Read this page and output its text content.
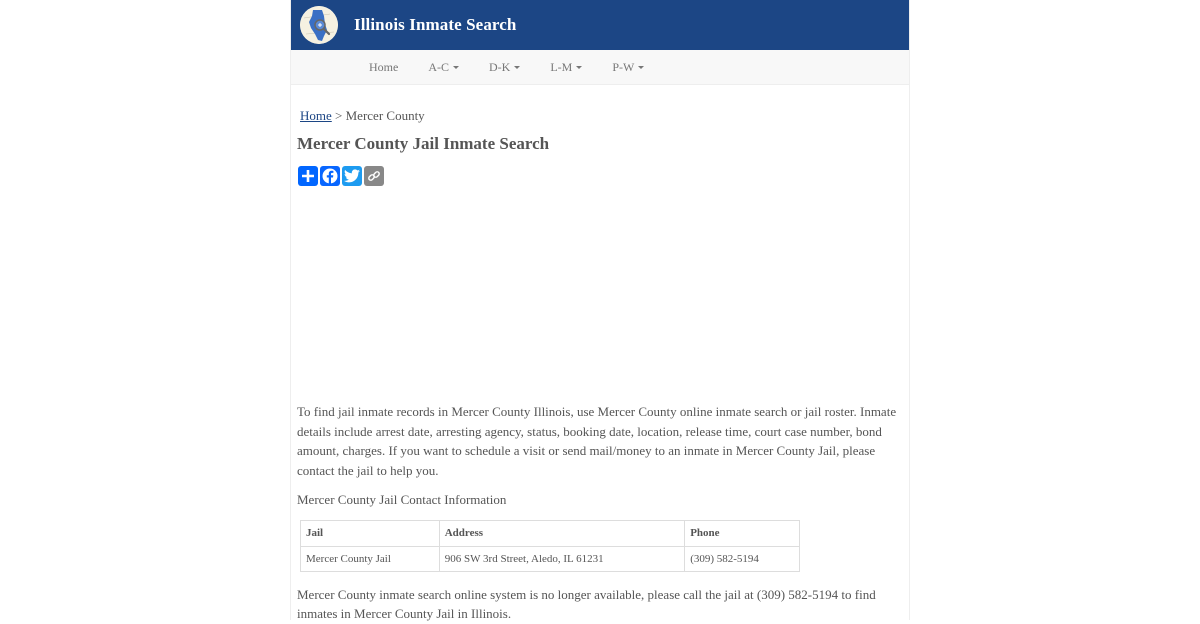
Illinois Inmate Search
Home	A-C	D-K	L-M	P-W
Home > Mercer County
Mercer County Jail Inmate Search

To find jail inmate records in Mercer County Illinois, use Mercer County online inmate search or jail roster. Inmate details include arrest date, arresting agency, status, booking date, location, release time, court case number, bond amount, charges. If you want to schedule a visit or send mail/money to an inmate in Mercer County Jail, please contact the jail to help you.

Mercer County Jail Contact Information

Jail	Address	Phone
Mercer County Jail	906 SW 3rd Street, Aledo, IL 61231	(309) 582-5194

Mercer County inmate search online system is no longer available, please call the jail at (309) 582-5194 to find inmates in Mercer County Jail in Illinois.
